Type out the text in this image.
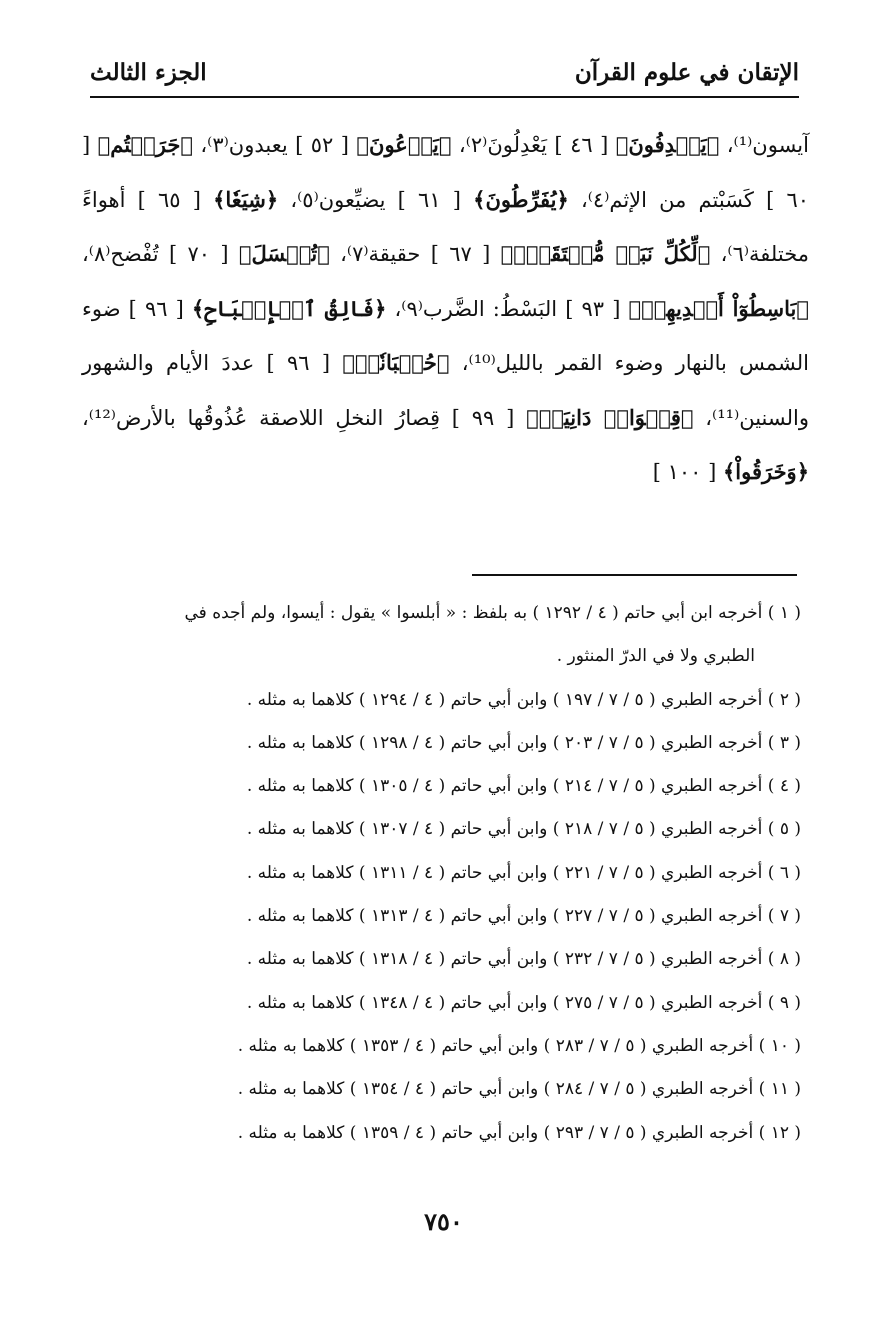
الإتقان في علوم القرآن
الجزء الثالث
آيسون⁽¹⁾، ﴿يَصۡدِفُونَ﴾ [ ٤٦ ] يَعْدِلُونَ⁽٢⁾، ﴿يَدۡعُونَ﴾ [ ٥٢ ] يعبدون⁽٣⁾، ﴿جَرَحۡتُم﴾ [ ٦٠ ] كَسَبْتم من الإثم⁽٤⁾، ﴿يُفَرِّطُونَ﴾ [ ٦١ ] يضيِّعون⁽٥⁾، ﴿شِيَعٗا﴾ [ ٦٥ ] أهواءً مختلفة⁽٦⁾، ﴿لِّكُلِّ نَبَإٖ مُّسۡتَقَرّٞ﴾ [ ٦٧ ] حقيقة⁽٧⁾، ﴿تُبۡسَلَ﴾ [ ٧٠ ] تُفْضح⁽٨⁾، ﴿بَاسِطُوٓاْ أَيۡدِيهِمۡ﴾ [ ٩٣ ] البَسْطُ: الضَّرب⁽٩⁾، ﴿فَالِقُ ٱلۡإِصۡبَاحِ﴾ [ ٩٦ ] ضوء الشمس بالنهار وضوء القمر بالليل⁽¹⁰⁾، ﴿حُسۡبَانٗاۚ﴾ [ ٩٦ ] عددَ الأيام والشهور والسنين⁽¹¹⁾، ﴿قِنۡوَانٞ دَانِيَةٞ﴾ [ ٩٩ ] قِصارُ النخلِ اللاصقة عُذُوقُها بالأرض⁽¹²⁾، ﴿وَخَرَقُواْ﴾ [ ١٠٠ ]
( ١ ) أخرجه ابن أبي حاتم ( ٤ / ١٢٩٢ ) به بلفظ : « أبلسوا » يقول : أيسوا، ولم أجده في
الطبري ولا في الدرّ المنثور .
( ٢ ) أخرجه الطبري ( ٥ / ٧ / ١٩٧ ) وابن أبي حاتم ( ٤ / ١٢٩٤ ) كلاهما به مثله .
( ٣ ) أخرجه الطبري ( ٥ / ٧ / ٢٠٣ ) وابن أبي حاتم ( ٤ / ١٢٩٨ ) كلاهما به مثله .
( ٤ ) أخرجه الطبري ( ٥ / ٧ / ٢١٤ ) وابن أبي حاتم ( ٤ / ١٣٠٥ ) كلاهما به مثله .
( ٥ ) أخرجه الطبري ( ٥ / ٧ / ٢١٨ ) وابن أبي حاتم ( ٤ / ١٣٠٧ ) كلاهما به مثله .
( ٦ ) أخرجه الطبري ( ٥ / ٧ / ٢٢١ ) وابن أبي حاتم ( ٤ / ١٣١١ ) كلاهما به مثله .
( ٧ ) أخرجه الطبري ( ٥ / ٧ / ٢٢٧ ) وابن أبي حاتم ( ٤ / ١٣١٣ ) كلاهما به مثله .
( ٨ ) أخرجه الطبري ( ٥ / ٧ / ٢٣٢ ) وابن أبي حاتم ( ٤ / ١٣١٨ ) كلاهما به مثله .
( ٩ ) أخرجه الطبري ( ٥ / ٧ / ٢٧٥ ) وابن أبي حاتم ( ٤ / ١٣٤٨ ) كلاهما به مثله .
( ١٠ ) أخرجه الطبري ( ٥ / ٧ / ٢٨٣ ) وابن أبي حاتم ( ٤ / ١٣٥٣ ) كلاهما به مثله .
( ١١ ) أخرجه الطبري ( ٥ / ٧ / ٢٨٤ ) وابن أبي حاتم ( ٤ / ١٣٥٤ ) كلاهما به مثله .
( ١٢ ) أخرجه الطبري ( ٥ / ٧ / ٢٩٣ ) وابن أبي حاتم ( ٤ / ١٣٥٩ ) كلاهما به مثله .
٧٥٠
